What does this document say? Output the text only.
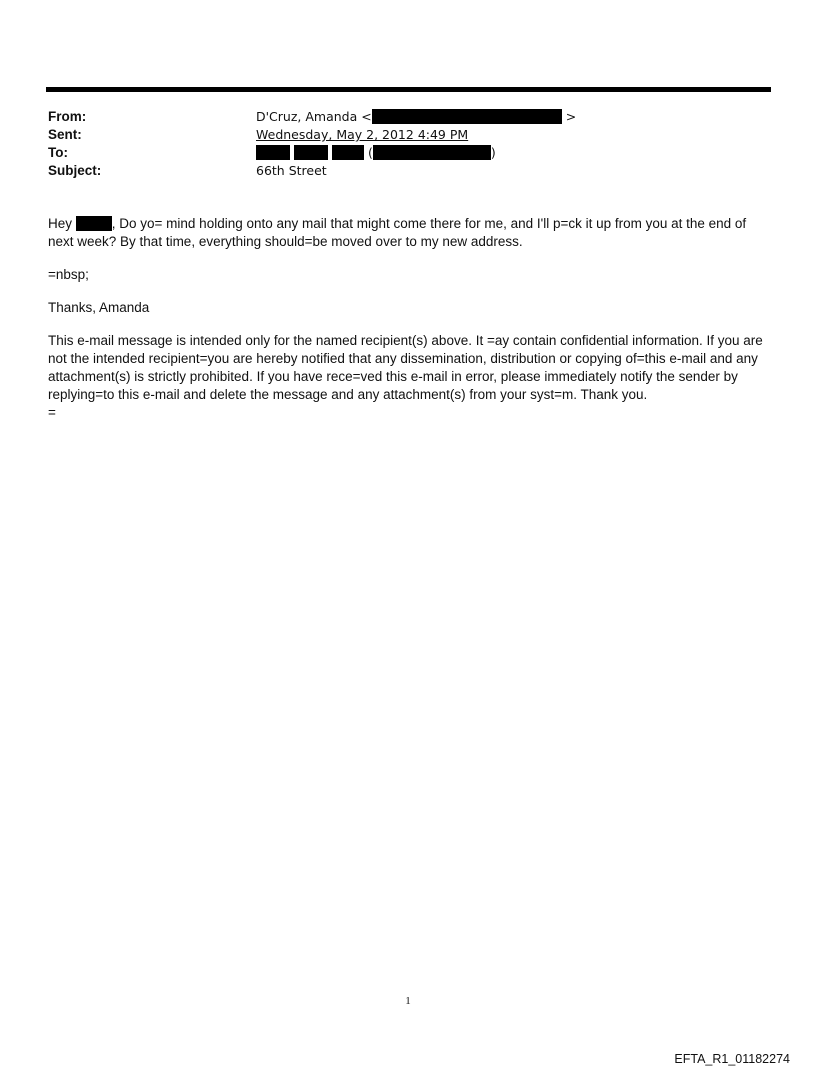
From:	D'Cruz, Amanda <	>
Sent:	Wednesday, May 2, 2012 4:49 PM
To:	(	)
Subject:	66th Street

Hey	, Do yo= mind holding onto any mail that might come there for me, and I'll p=ck it up from you at the end of next week? By that time, everything should=be moved over to my new address.

=nbsp;

Thanks, Amanda

This e-mail message is intended only for the named recipient(s) above. It =ay contain confidential information. If you are not the intended recipient=you are hereby notified that any dissemination, distribution or copying of=this e-mail and any attachment(s) is strictly prohibited. If you have rece=ved this e-mail in error, please immediately notify the sender by replying=to this e-mail and delete the message and any attachment(s) from your syst=m. Thank you.

=

1
EFTA_R1_01182274
